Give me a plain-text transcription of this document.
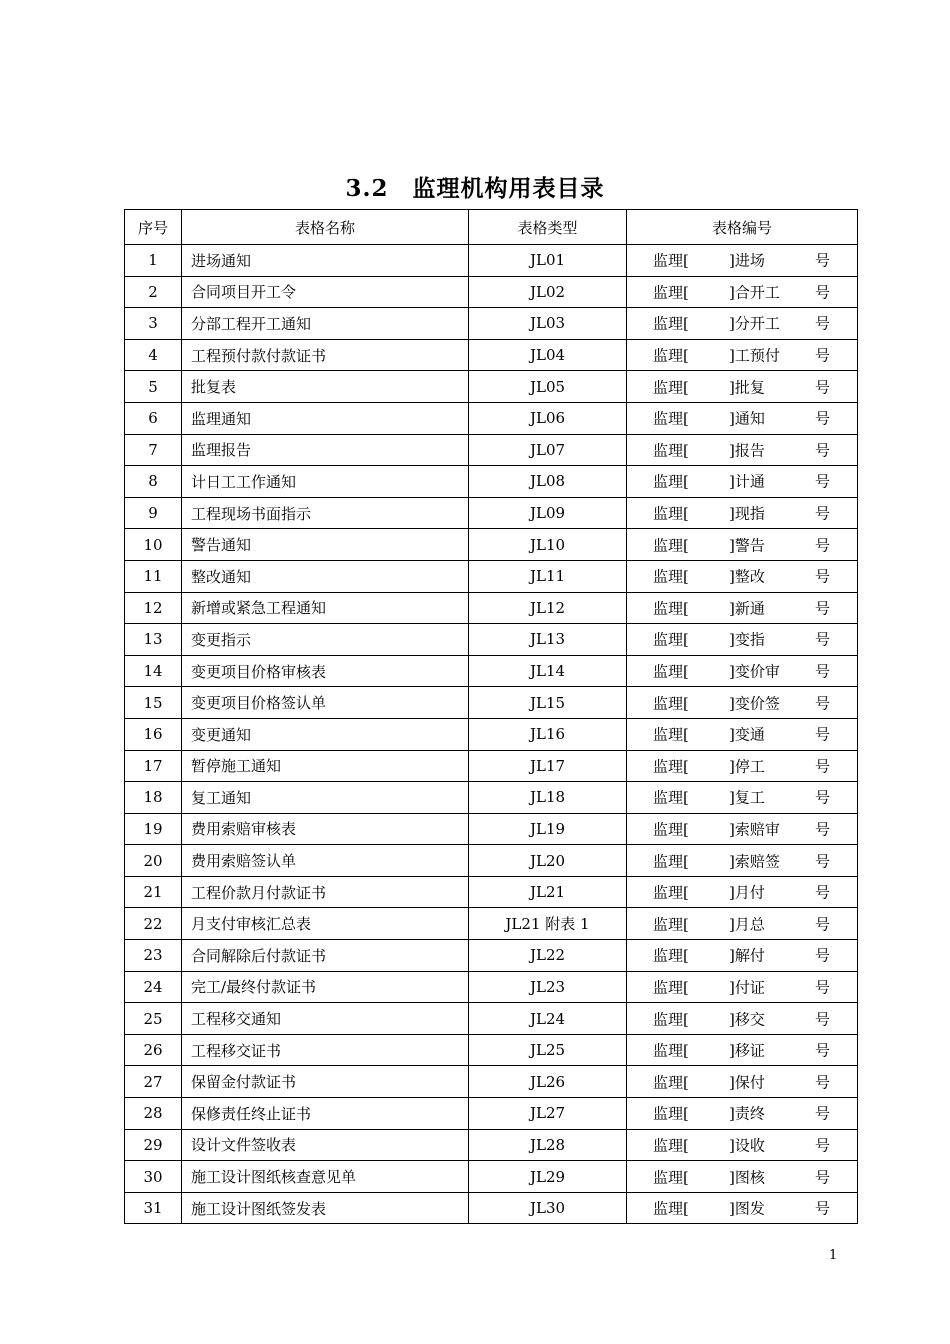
3.2　监理机构用表目录
序号	表格名称	表格类型	表格编号
1	进场通知	JL01	监理[ ]进场 号

2	合同项目开工令	JL02	监理[ ]合开工 号

3	分部工程开工通知	JL03	监理[ ]分开工 号

4	工程预付款付款证书	JL04	监理[ ]工预付 号

5	批复表	JL05	监理[ ]批复 号

6	监理通知	JL06	监理[ ]通知 号

7	监理报告	JL07	监理[ ]报告 号

8	计日工工作通知	JL08	监理[ ]计通 号

9	工程现场书面指示	JL09	监理[ ]现指 号

10	警告通知	JL10	监理[ ]警告 号

11	整改通知	JL11	监理[ ]整改 号

12	新增或紧急工程通知	JL12	监理[ ]新通 号

13	变更指示	JL13	监理[ ]变指 号

14	变更项目价格审核表	JL14	监理[ ]变价审 号

15	变更项目价格签认单	JL15	监理[ ]变价签 号

16	变更通知	JL16	监理[ ]变通 号

17	暂停施工通知	JL17	监理[ ]停工 号

18	复工通知	JL18	监理[ ]复工 号

19	费用索赔审核表	JL19	监理[ ]索赔审 号

20	费用索赔签认单	JL20	监理[ ]索赔签 号

21	工程价款月付款证书	JL21	监理[ ]月付 号

22	月支付审核汇总表	JL21 附表 1	监理[ ]月总 号

23	合同解除后付款证书	JL22	监理[ ]解付 号

24	完工/最终付款证书	JL23	监理[ ]付证 号

25	工程移交通知	JL24	监理[ ]移交 号

26	工程移交证书	JL25	监理[ ]移证 号

27	保留金付款证书	JL26	监理[ ]保付 号

28	保修责任终止证书	JL27	监理[ ]责终 号

29	设计文件签收表	JL28	监理[ ]设收 号

30	施工设计图纸核查意见单	JL29	监理[ ]图核 号

31	施工设计图纸签发表	JL30	监理[ ]图发 号
1
